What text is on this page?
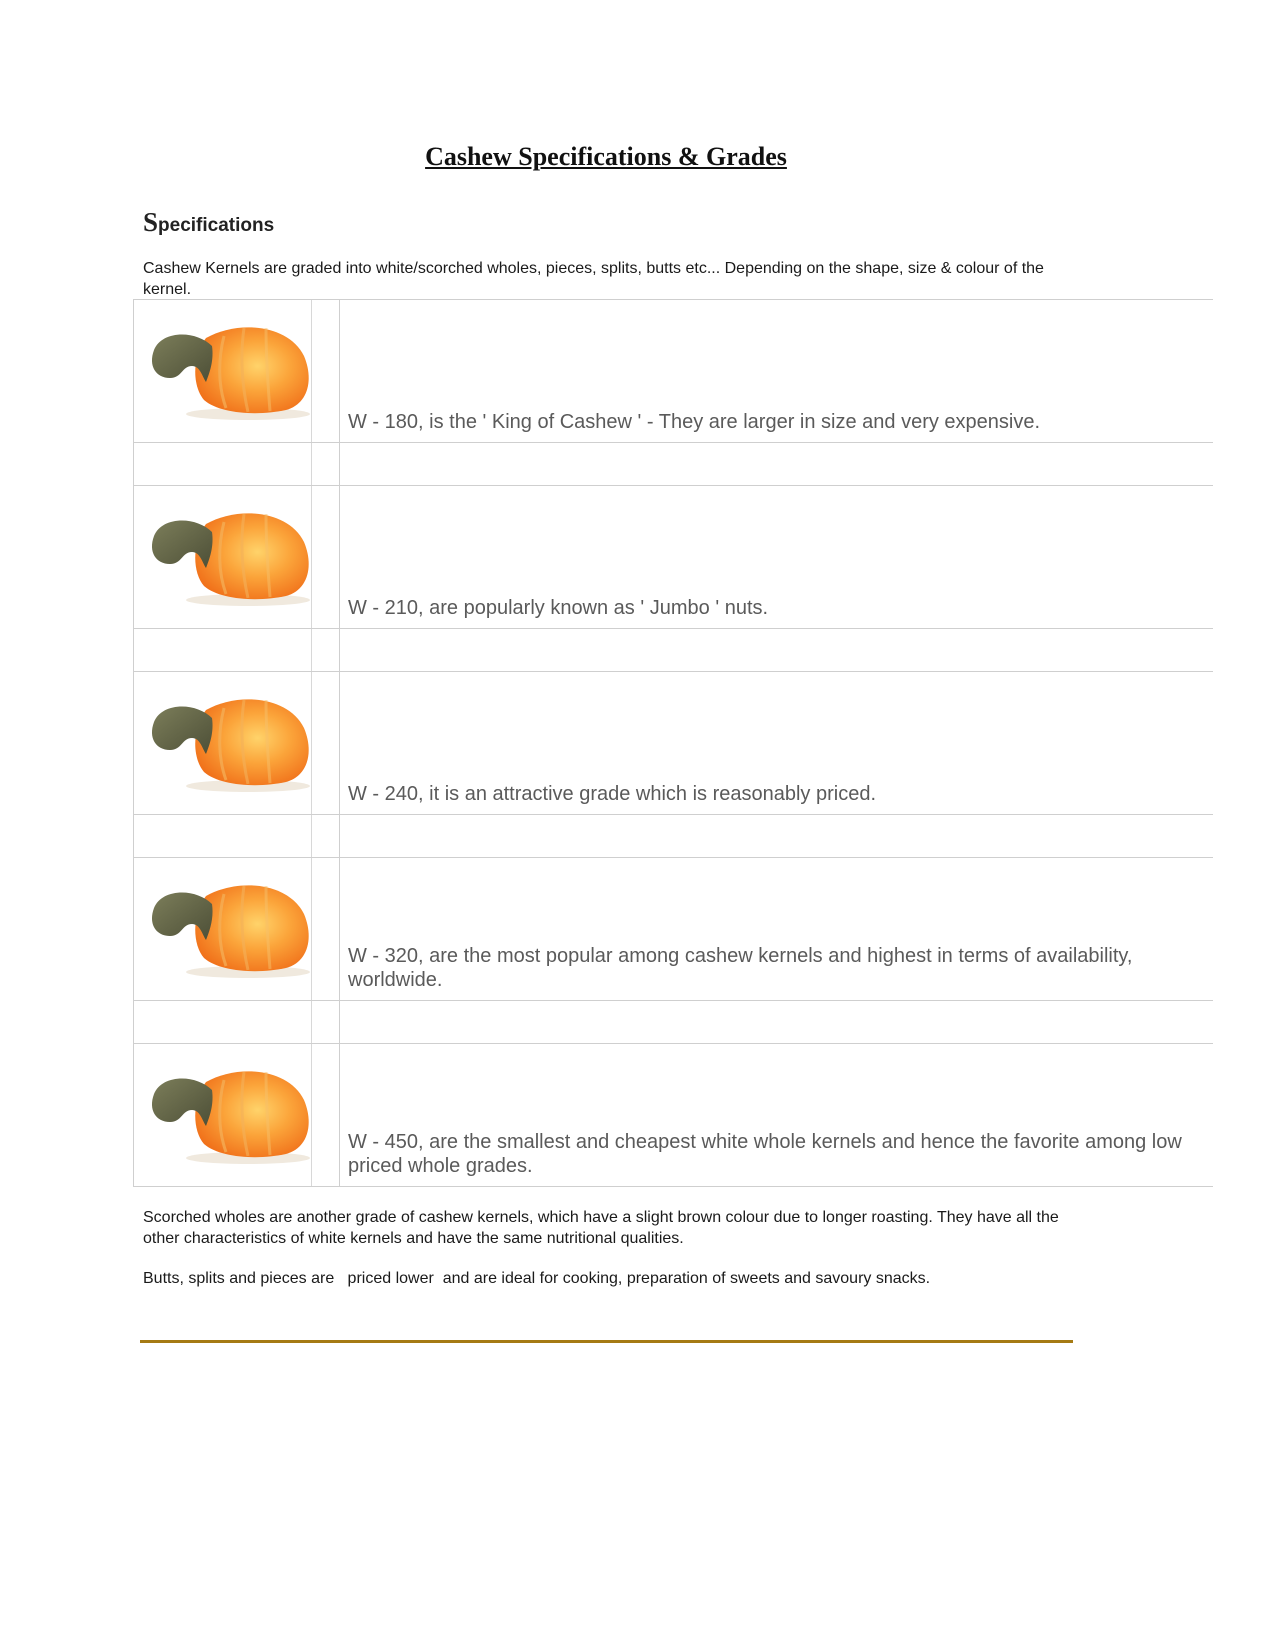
Cashew Specifications & Grades
Specifications
Cashew Kernels are graded into white/scorched wholes, pieces, splits, butts etc... Depending on the shape, size & colour of the kernel.
W - 180, is the ' King of Cashew ' - They are larger in size and very expensive.
W - 210, are popularly known as ' Jumbo ' nuts.
W - 240, it is an attractive grade which is reasonably priced.
W - 320, are the most popular among cashew kernels and highest in terms of availability, worldwide.
W - 450, are the smallest and cheapest white whole kernels and hence the favorite among low priced whole grades.
Scorched wholes are another grade of cashew kernels, which have a slight brown colour due to longer roasting. They have all the other characteristics of white kernels and have the same nutritional qualities.
Butts, splits and pieces are   priced lower  and are ideal for cooking, preparation of sweets and savoury snacks.
